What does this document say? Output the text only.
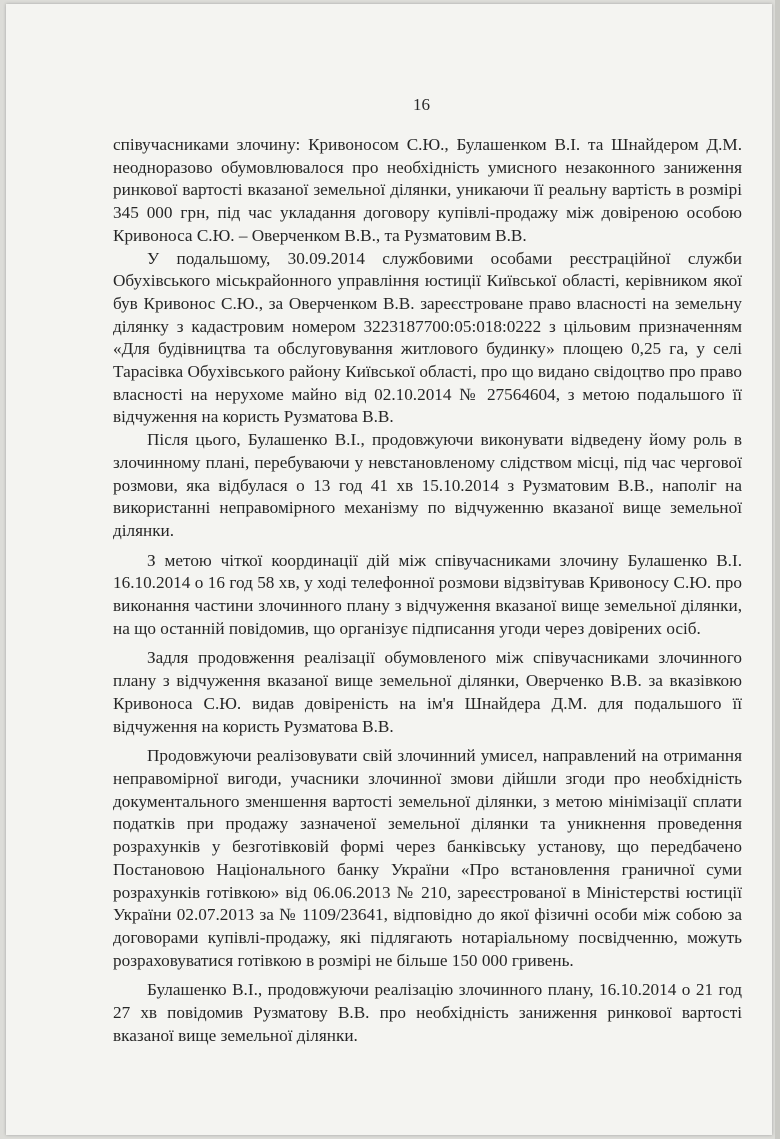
16

співучасниками злочину: Кривоносом С.Ю., Булашенком В.І. та Шнайдером Д.М. неодноразово обумовлювалося про необхідність умисного незаконного заниження ринкової вартості вказаної земельної ділянки, уникаючи її реальну вартість в розмірі 345 000 грн, під час укладання договору купівлі-продажу між довіреною особою Кривоноса С.Ю. – Оверченком В.В., та Рузматовим В.В.

У подальшому, 30.09.2014 службовими особами реєстраційної служби Обухівського міськрайонного управління юстиції Київської області, керівником якої був Кривонос С.Ю., за Оверченком В.В. зареєстроване право власності на земельну ділянку з кадастровим номером 3223187700:05:018:0222 з цільовим призначенням «Для будівництва та обслуговування житлового будинку» площею 0,25 га, у селі Тарасівка Обухівського району Київської області, про що видано свідоцтво про право власності на нерухоме майно від 02.10.2014 № 27564604, з метою подальшого її відчуження на користь Рузматова В.В.

Після цього, Булашенко В.І., продовжуючи виконувати відведену йому роль в злочинному плані, перебуваючи у невстановленому слідством місці, під час чергової розмови, яка відбулася о 13 год 41 хв 15.10.2014 з Рузматовим В.В., наполіг на використанні неправомірного механізму по відчуженню вказаної вище земельної ділянки.

З метою чіткої координації дій між співучасниками злочину Булашенко В.І. 16.10.2014 о 16 год 58 хв, у ході телефонної розмови відзвітував Кривоносу С.Ю. про виконання частини злочинного плану з відчуження вказаної вище земельної ділянки, на що останній повідомив, що організує підписання угоди через довірених осіб.

Задля продовження реалізації обумовленого між співучасниками злочинного плану з відчуження вказаної вище земельної ділянки, Оверченко В.В. за вказівкою Кривоноса С.Ю. видав довіреність на ім'я Шнайдера Д.М. для подальшого її відчуження на користь Рузматова В.В.

Продовжуючи реалізовувати свій злочинний умисел, направлений на отримання неправомірної вигоди, учасники злочинної змови дійшли згоди про необхідність документального зменшення вартості земельної ділянки, з метою мінімізації сплати податків при продажу зазначеної земельної ділянки та уникнення проведення розрахунків у безготівковій формі через банківську установу, що передбачено Постановою Національного банку України «Про встановлення граничної суми розрахунків готівкою» від 06.06.2013 № 210, зареєстрованої в Міністерстві юстиції України 02.07.2013 за № 1109/23641, відповідно до якої фізичні особи між собою за договорами купівлі-продажу, які підлягають нотаріальному посвідченню, можуть розраховуватися готівкою в розмірі не більше 150 000 гривень.

Булашенко В.І., продовжуючи реалізацію злочинного плану, 16.10.2014 о 21 год 27 хв повідомив Рузматову В.В. про необхідність заниження ринкової вартості вказаної вище земельної ділянки.
